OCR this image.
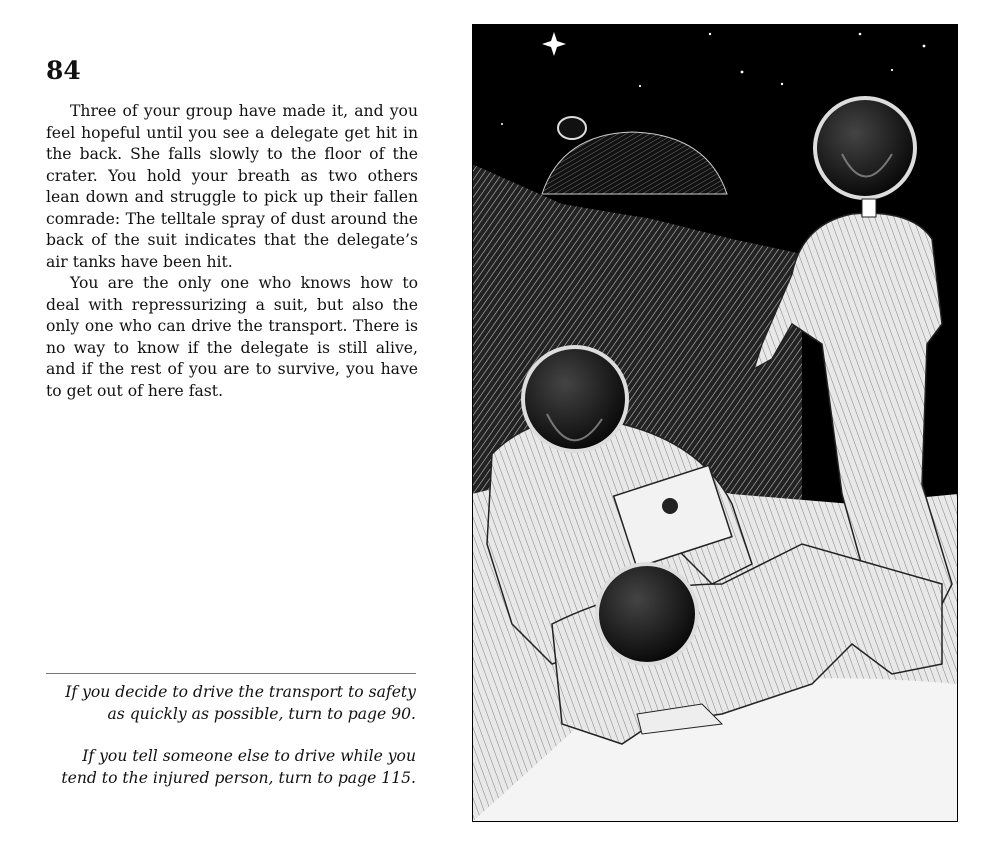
84

Three of your group have made it, and you feel hopeful until you see a delegate get hit in the back. She falls slowly to the floor of the crater. You hold your breath as two others lean down and struggle to pick up their fallen comrade: The telltale spray of dust around the back of the suit indicates that the delegate’s air tanks have been hit.

You are the only one who knows how to deal with repressurizing a suit, but also the only one who can drive the transport. There is no way to know if the delegate is still alive, and if the rest of you are to survive, you have to get out of here fast.

If you decide to drive the transport to safety as quickly as possible, turn to page 90.

If you tell someone else to drive while you tend to the injured person, turn to page 115.
